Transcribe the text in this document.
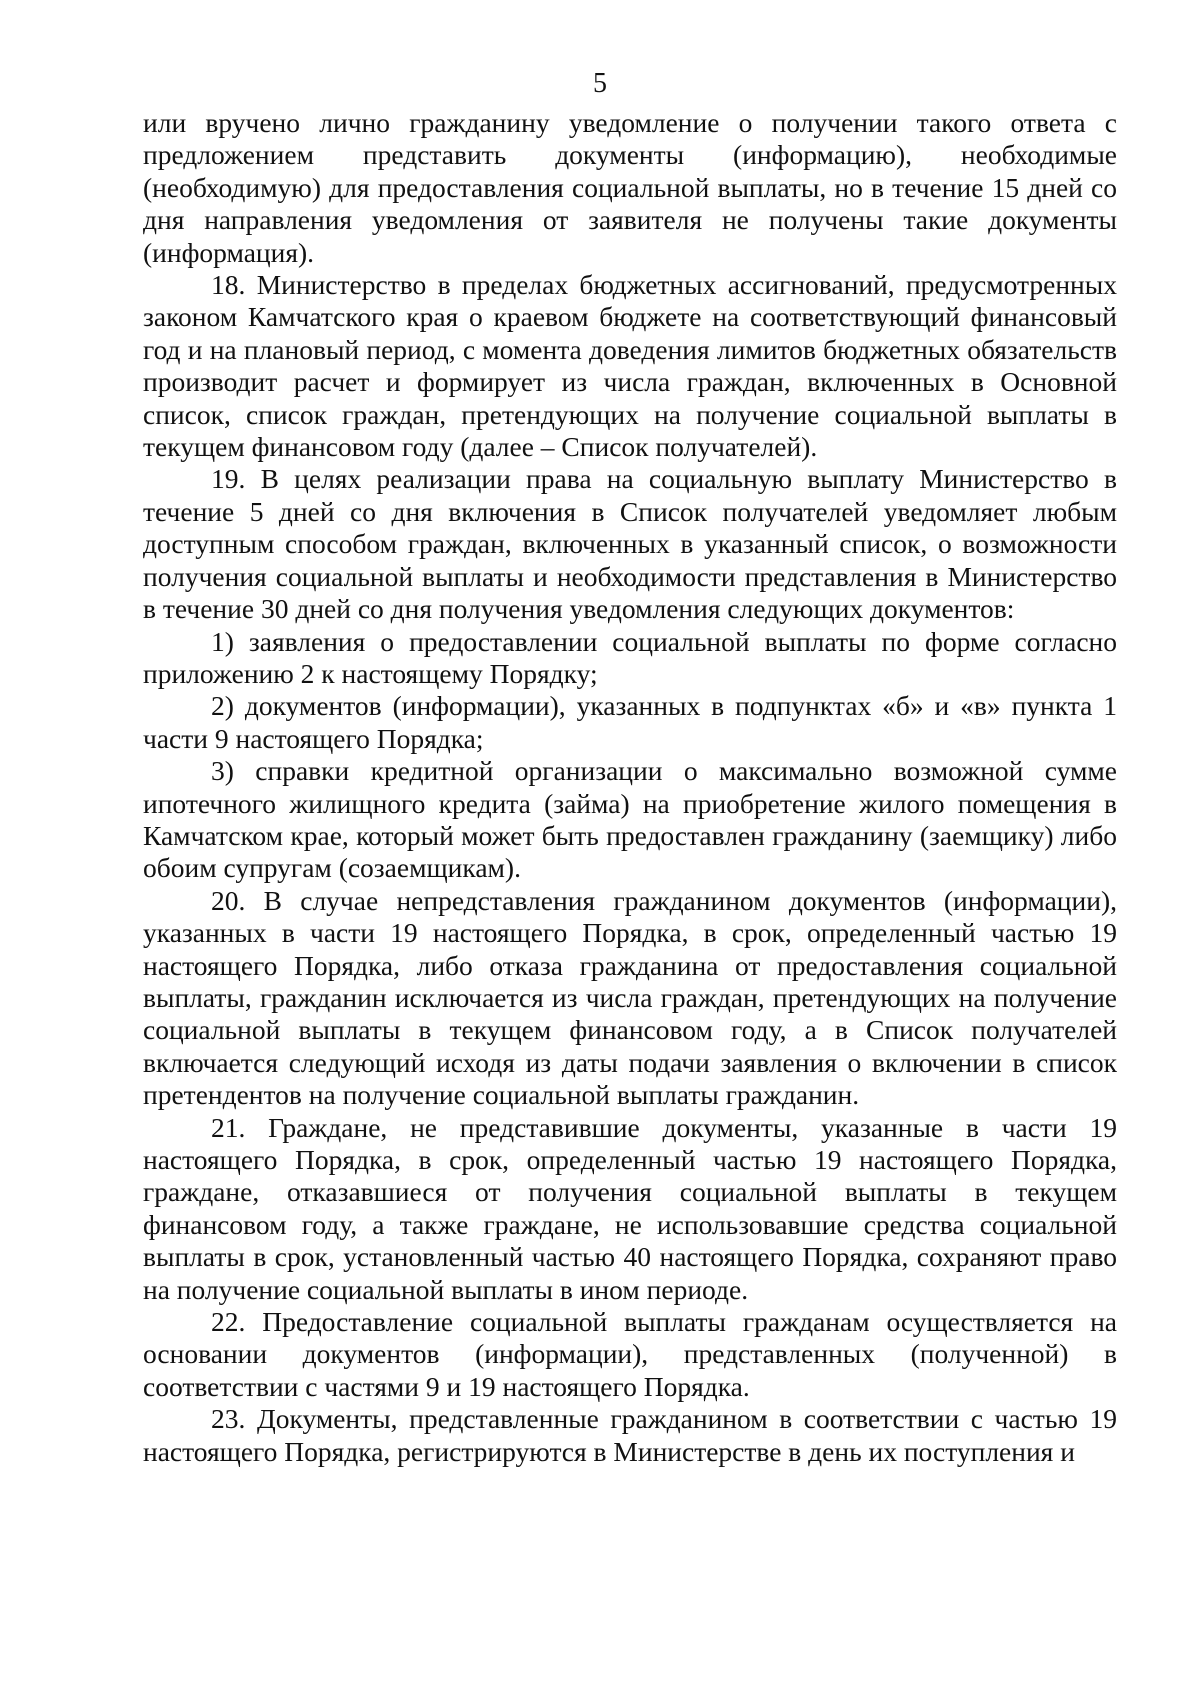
5

или вручено лично гражданину уведомление о получении такого ответа с предложением представить документы (информацию), необходимые (необходимую) для предоставления социальной выплаты, но в течение 15 дней со дня направления уведомления от заявителя не получены такие документы (информация).

18. Министерство в пределах бюджетных ассигнований, предусмотренных законом Камчатского края о краевом бюджете на соответствующий финансовый год и на плановый период, с момента доведения лимитов бюджетных обязательств производит расчет и формирует из числа граждан, включенных в Основной список, список граждан, претендующих на получение социальной выплаты в текущем финансовом году (далее – Список получателей).

19. В целях реализации права на социальную выплату Министерство в течение 5 дней со дня включения в Список получателей уведомляет любым доступным способом граждан, включенных в указанный список, о возможности получения социальной выплаты и необходимости представления в Министерство в течение 30 дней со дня получения уведомления следующих документов:

1) заявления о предоставлении социальной выплаты по форме согласно приложению 2 к настоящему Порядку;

2) документов (информации), указанных в подпунктах «б» и «в» пункта 1 части 9 настоящего Порядка;

3) справки кредитной организации о максимально возможной сумме ипотечного жилищного кредита (займа) на приобретение жилого помещения в Камчатском крае, который может быть предоставлен гражданину (заемщику) либо обоим супругам (созаемщикам).

20. В случае непредставления гражданином документов (информации), указанных в части 19 настоящего Порядка, в срок, определенный частью 19 настоящего Порядка, либо отказа гражданина от предоставления социальной выплаты, гражданин исключается из числа граждан, претендующих на получение социальной выплаты в текущем финансовом году, а в Список получателей включается следующий исходя из даты подачи заявления о включении в список претендентов на получение социальной выплаты гражданин.

21. Граждане, не представившие документы, указанные в части 19 настоящего Порядка, в срок, определенный частью 19 настоящего Порядка, граждане, отказавшиеся от получения социальной выплаты в текущем финансовом году, а также граждане, не использовавшие средства социальной выплаты в срок, установленный частью 40 настоящего Порядка, сохраняют право на получение социальной выплаты в ином периоде.

22. Предоставление социальной выплаты гражданам осуществляется на основании документов (информации), представленных (полученной) в соответствии с частями 9 и 19 настоящего Порядка.

23. Документы, представленные гражданином в соответствии с частью 19 настоящего Порядка, регистрируются в Министерстве в день их поступления и
